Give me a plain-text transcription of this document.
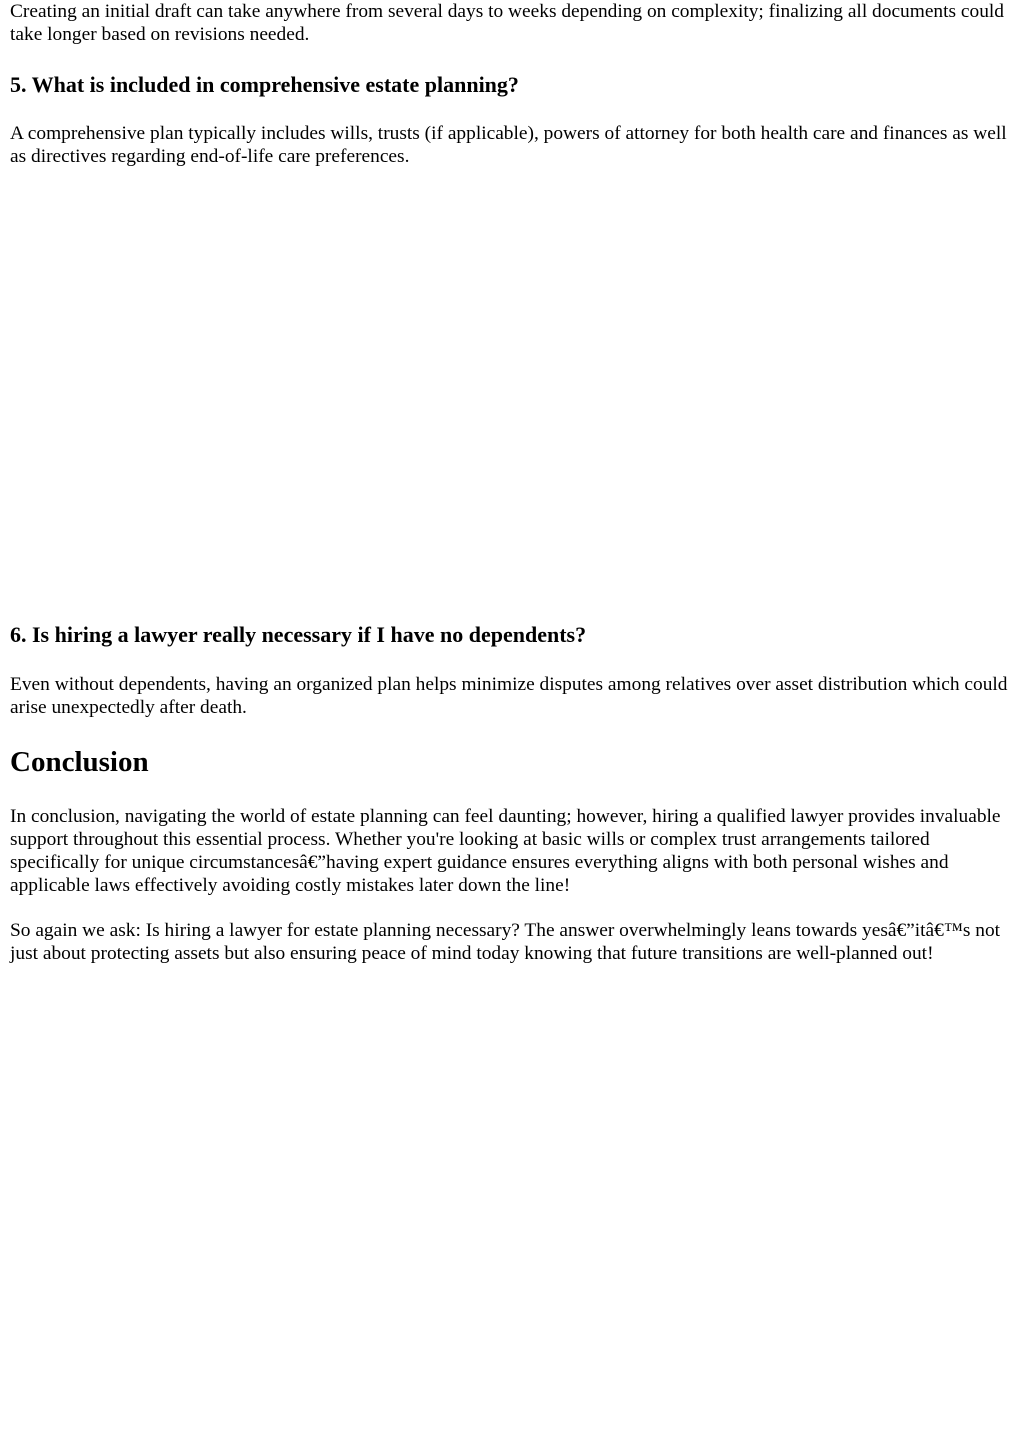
Creating an initial draft can take anywhere from several days to weeks depending on complexity; finalizing all documents could take longer based on revisions needed.

5. What is included in comprehensive estate planning?

A comprehensive plan typically includes wills, trusts (if applicable), powers of attorney for both health care and finances as well as directives regarding end-of-life care preferences.

6. Is hiring a lawyer really necessary if I have no dependents?

Even without dependents, having an organized plan helps minimize disputes among relatives over asset distribution which could arise unexpectedly after death.

Conclusion

In conclusion, navigating the world of estate planning can feel daunting; however, hiring a qualified lawyer provides invaluable support throughout this essential process. Whether you're looking at basic wills or complex trust arrangements tailored specifically for unique circumstancesâ€”having expert guidance ensures everything aligns with both personal wishes and applicable laws effectively avoiding costly mistakes later down the line!

So again we ask: Is hiring a lawyer for estate planning necessary? The answer overwhelmingly leans towards yesâ€”itâ€™s not just about protecting assets but also ensuring peace of mind today knowing that future transitions are well-planned out!
